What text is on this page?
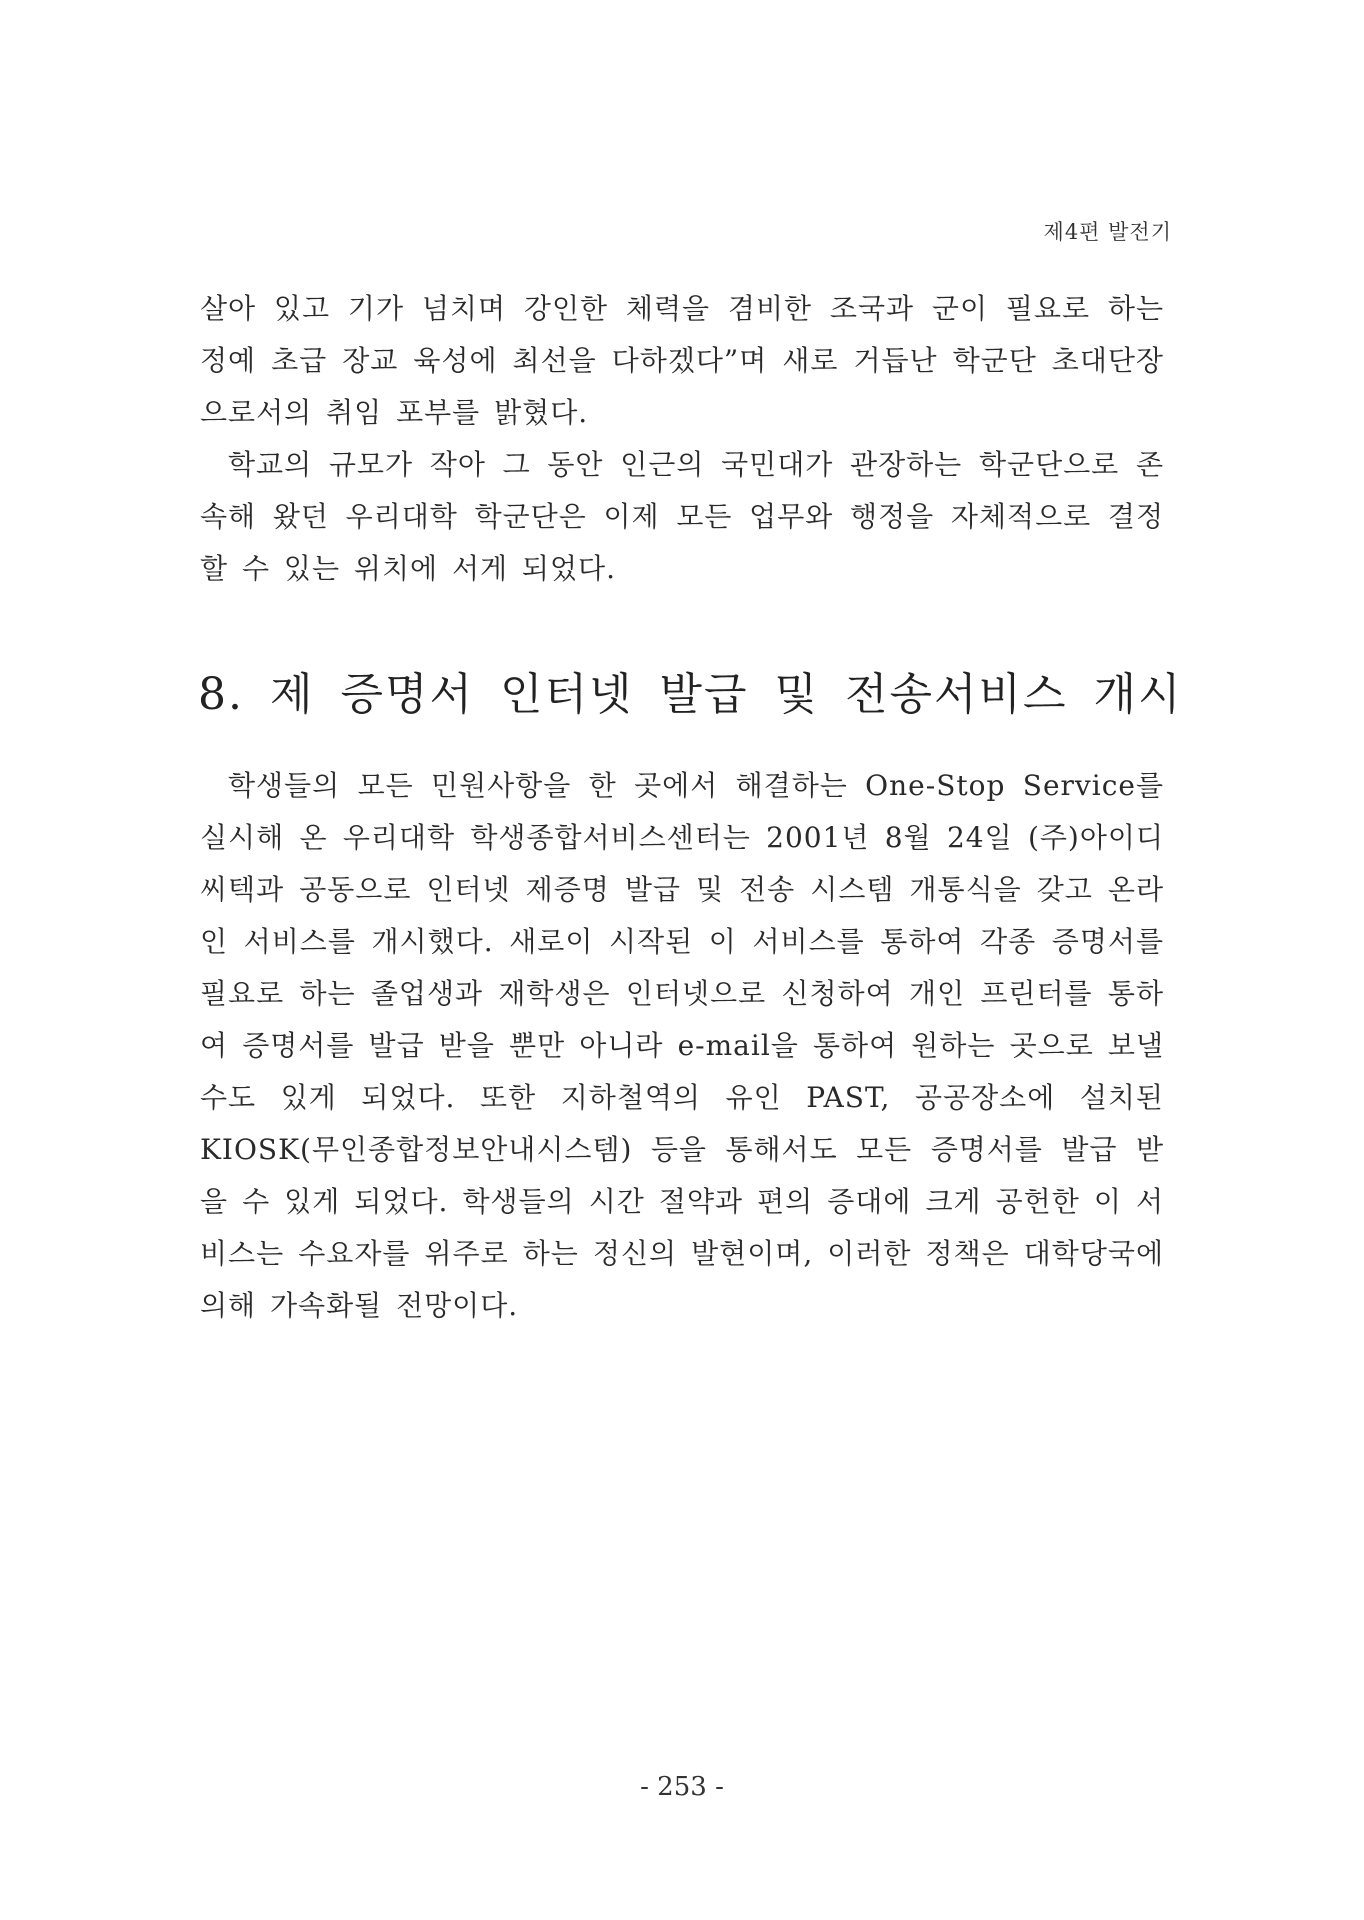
제4편 발전기

살아 있고 기가 넘치며 강인한 체력을 겸비한 조국과 군이 필요로 하는 정예 초급 장교 육성에 최선을 다하겠다”며 새로 거듭난 학군단 초대단장으로서의 취임 포부를 밝혔다.

학교의 규모가 작아 그 동안 인근의 국민대가 관장하는 학군단으로 존속해 왔던 우리대학 학군단은 이제 모든 업무와 행정을 자체적으로 결정할 수 있는 위치에 서게 되었다.

8. 제 증명서 인터넷 발급 및 전송서비스 개시

학생들의 모든 민원사항을 한 곳에서 해결하는 One-Stop Service를 실시해 온 우리대학 학생종합서비스센터는 2001년 8월 24일 (주)아이디씨텍과 공동으로 인터넷 제증명 발급 및 전송 시스템 개통식을 갖고 온라인 서비스를 개시했다. 새로이 시작된 이 서비스를 통하여 각종 증명서를 필요로 하는 졸업생과 재학생은 인터넷으로 신청하여 개인 프린터를 통하여 증명서를 발급 받을 뿐만 아니라 e-mail을 통하여 원하는 곳으로 보낼 수도 있게 되었다. 또한 지하철역의 유인 PAST, 공공장소에 설치된 KIOSK(무인종합정보안내시스템) 등을 통해서도 모든 증명서를 발급 받을 수 있게 되었다. 학생들의 시간 절약과 편의 증대에 크게 공헌한 이 서비스는 수요자를 위주로 하는 정신의 발현이며, 이러한 정책은 대학당국에 의해 가속화될 전망이다.

- 253 -
